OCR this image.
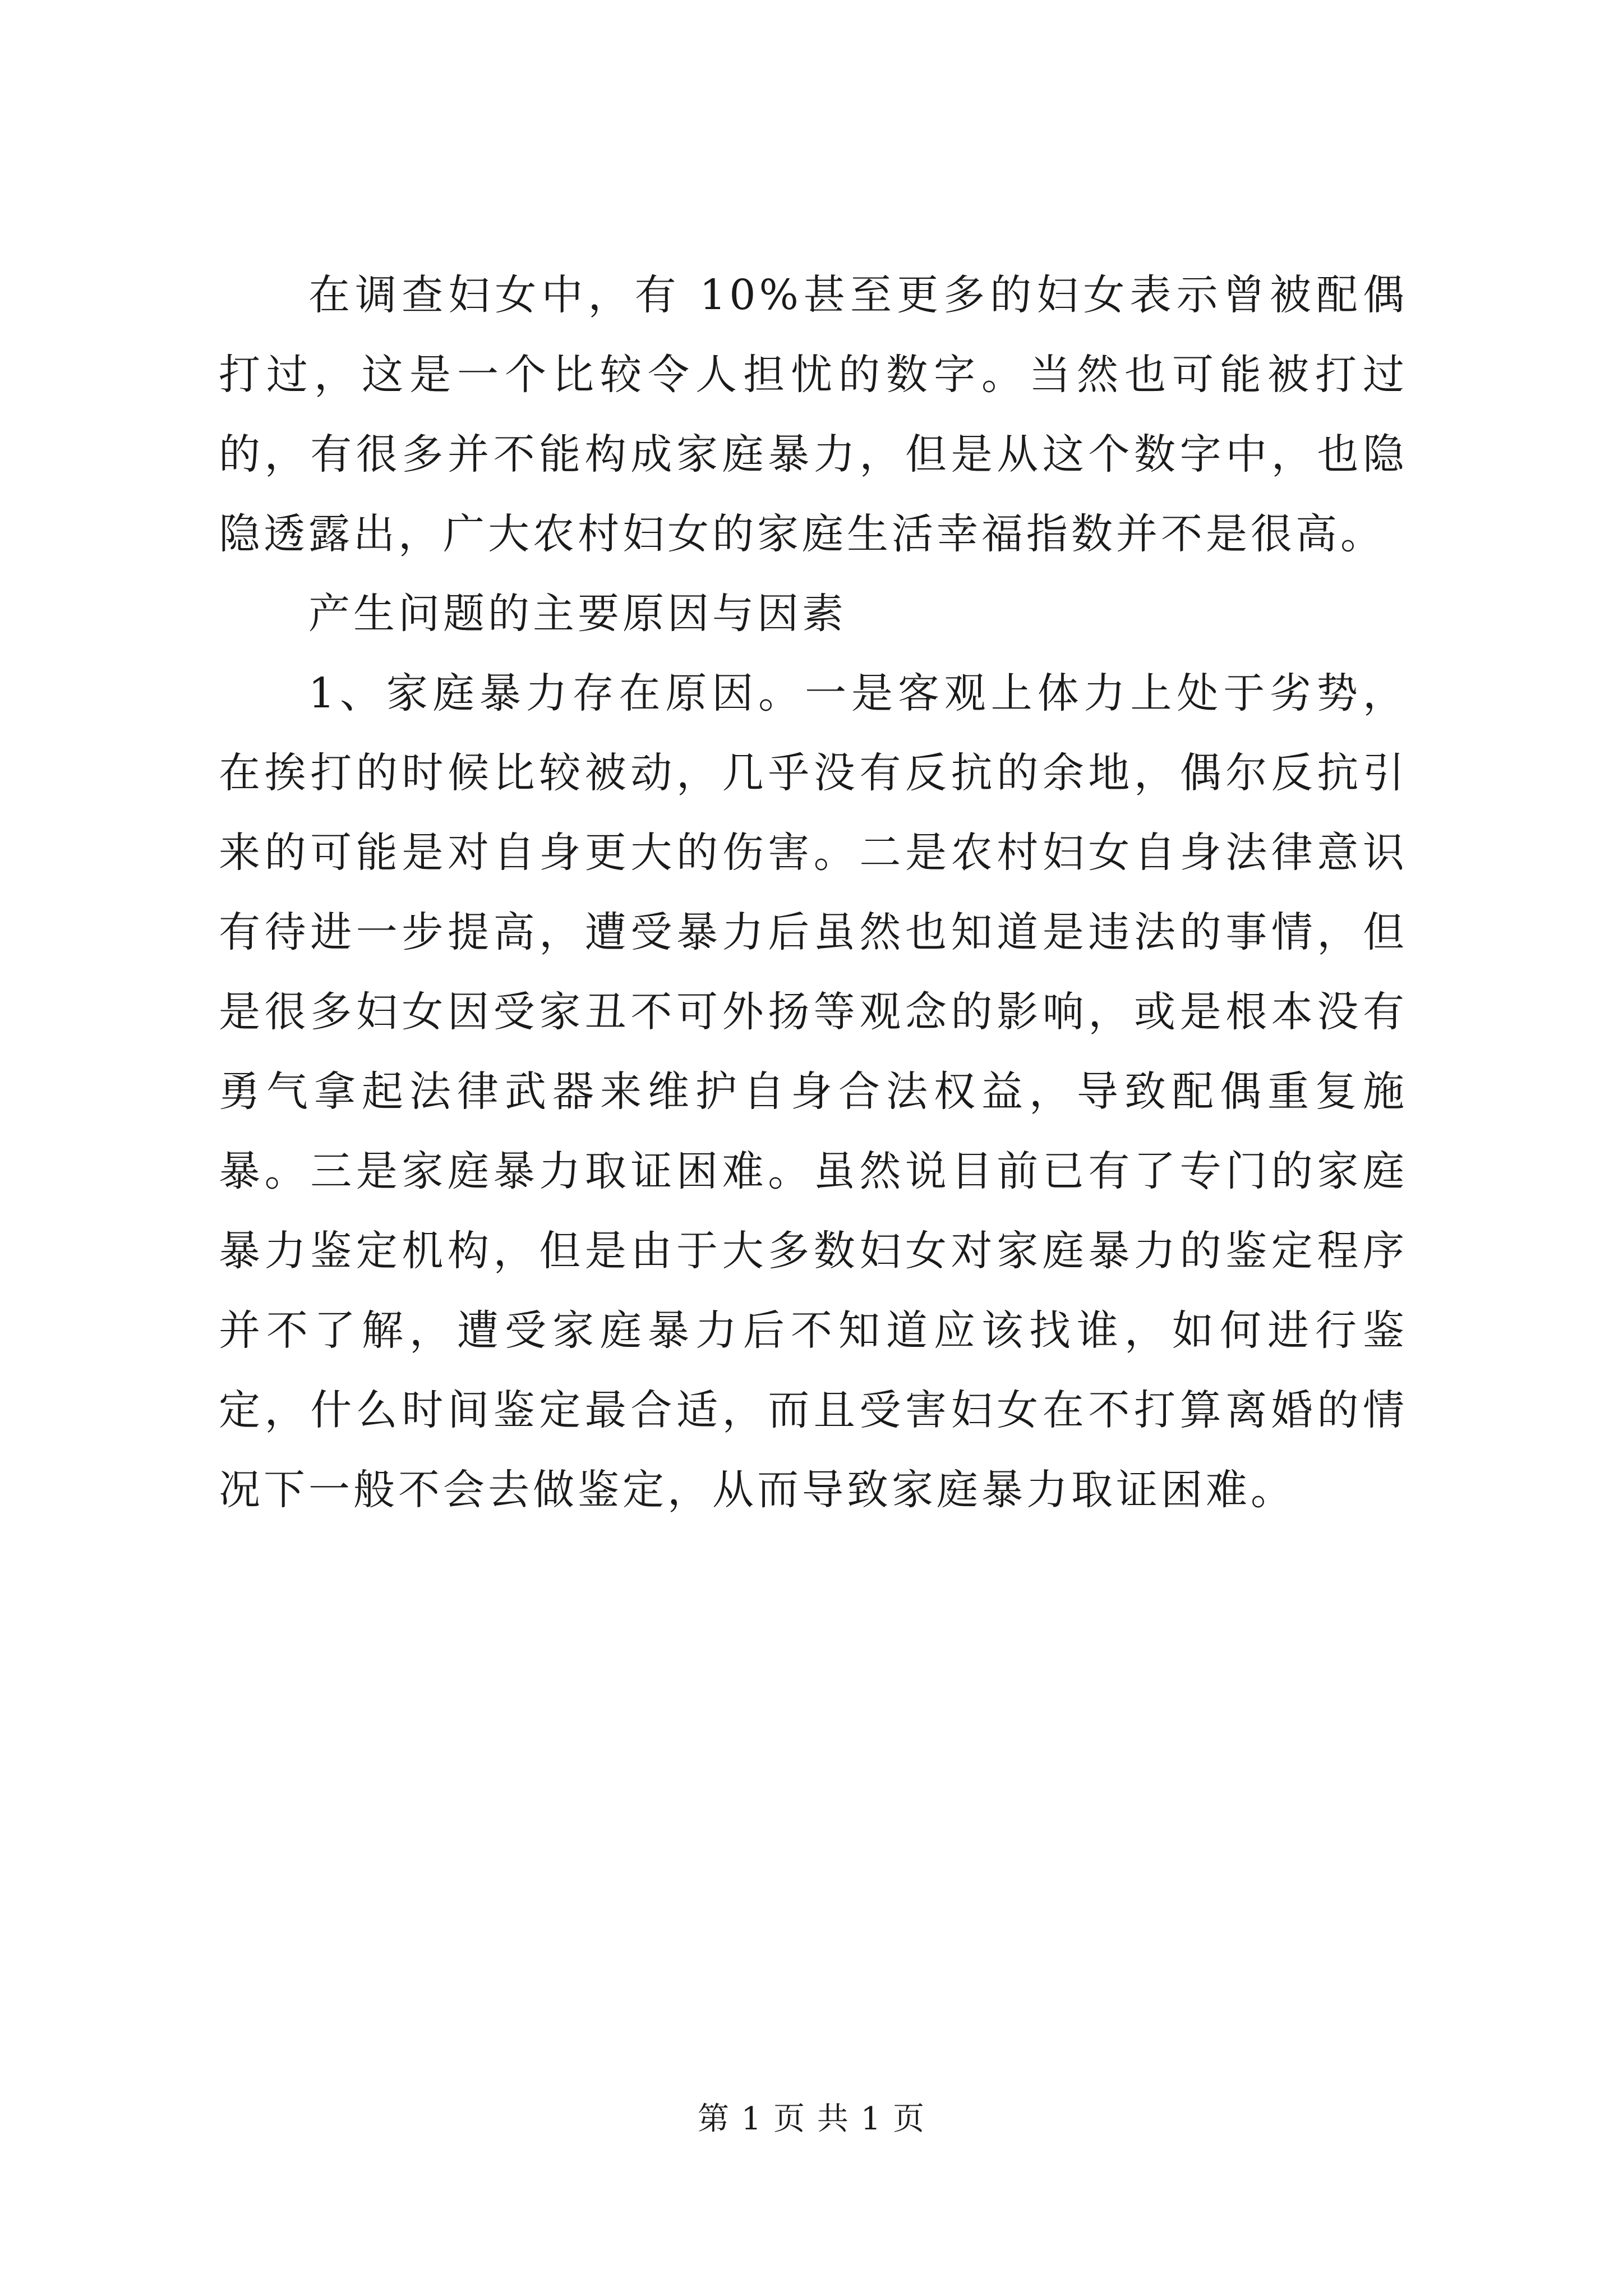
在调查妇女中，有 10%甚至更多的妇女表示曾被配偶打过，这是一个比较令人担忧的数字。当然也可能被打过的，有很多并不能构成家庭暴力，但是从这个数字中，也隐隐透露出，广大农村妇女的家庭生活幸福指数并不是很高。

产生问题的主要原因与因素

1、家庭暴力存在原因。一是客观上体力上处于劣势，在挨打的时候比较被动，几乎没有反抗的余地，偶尔反抗引来的可能是对自身更大的伤害。二是农村妇女自身法律意识有待进一步提高，遭受暴力后虽然也知道是违法的事情，但是很多妇女因受家丑不可外扬等观念的影响，或是根本没有勇气拿起法律武器来维护自身合法权益，导致配偶重复施暴。三是家庭暴力取证困难。虽然说目前已有了专门的家庭暴力鉴定机构，但是由于大多数妇女对家庭暴力的鉴定程序并不了解，遭受家庭暴力后不知道应该找谁，如何进行鉴定，什么时间鉴定最合适，而且受害妇女在不打算离婚的情况下一般不会去做鉴定，从而导致家庭暴力取证困难。

第 1 页 共 1 页
